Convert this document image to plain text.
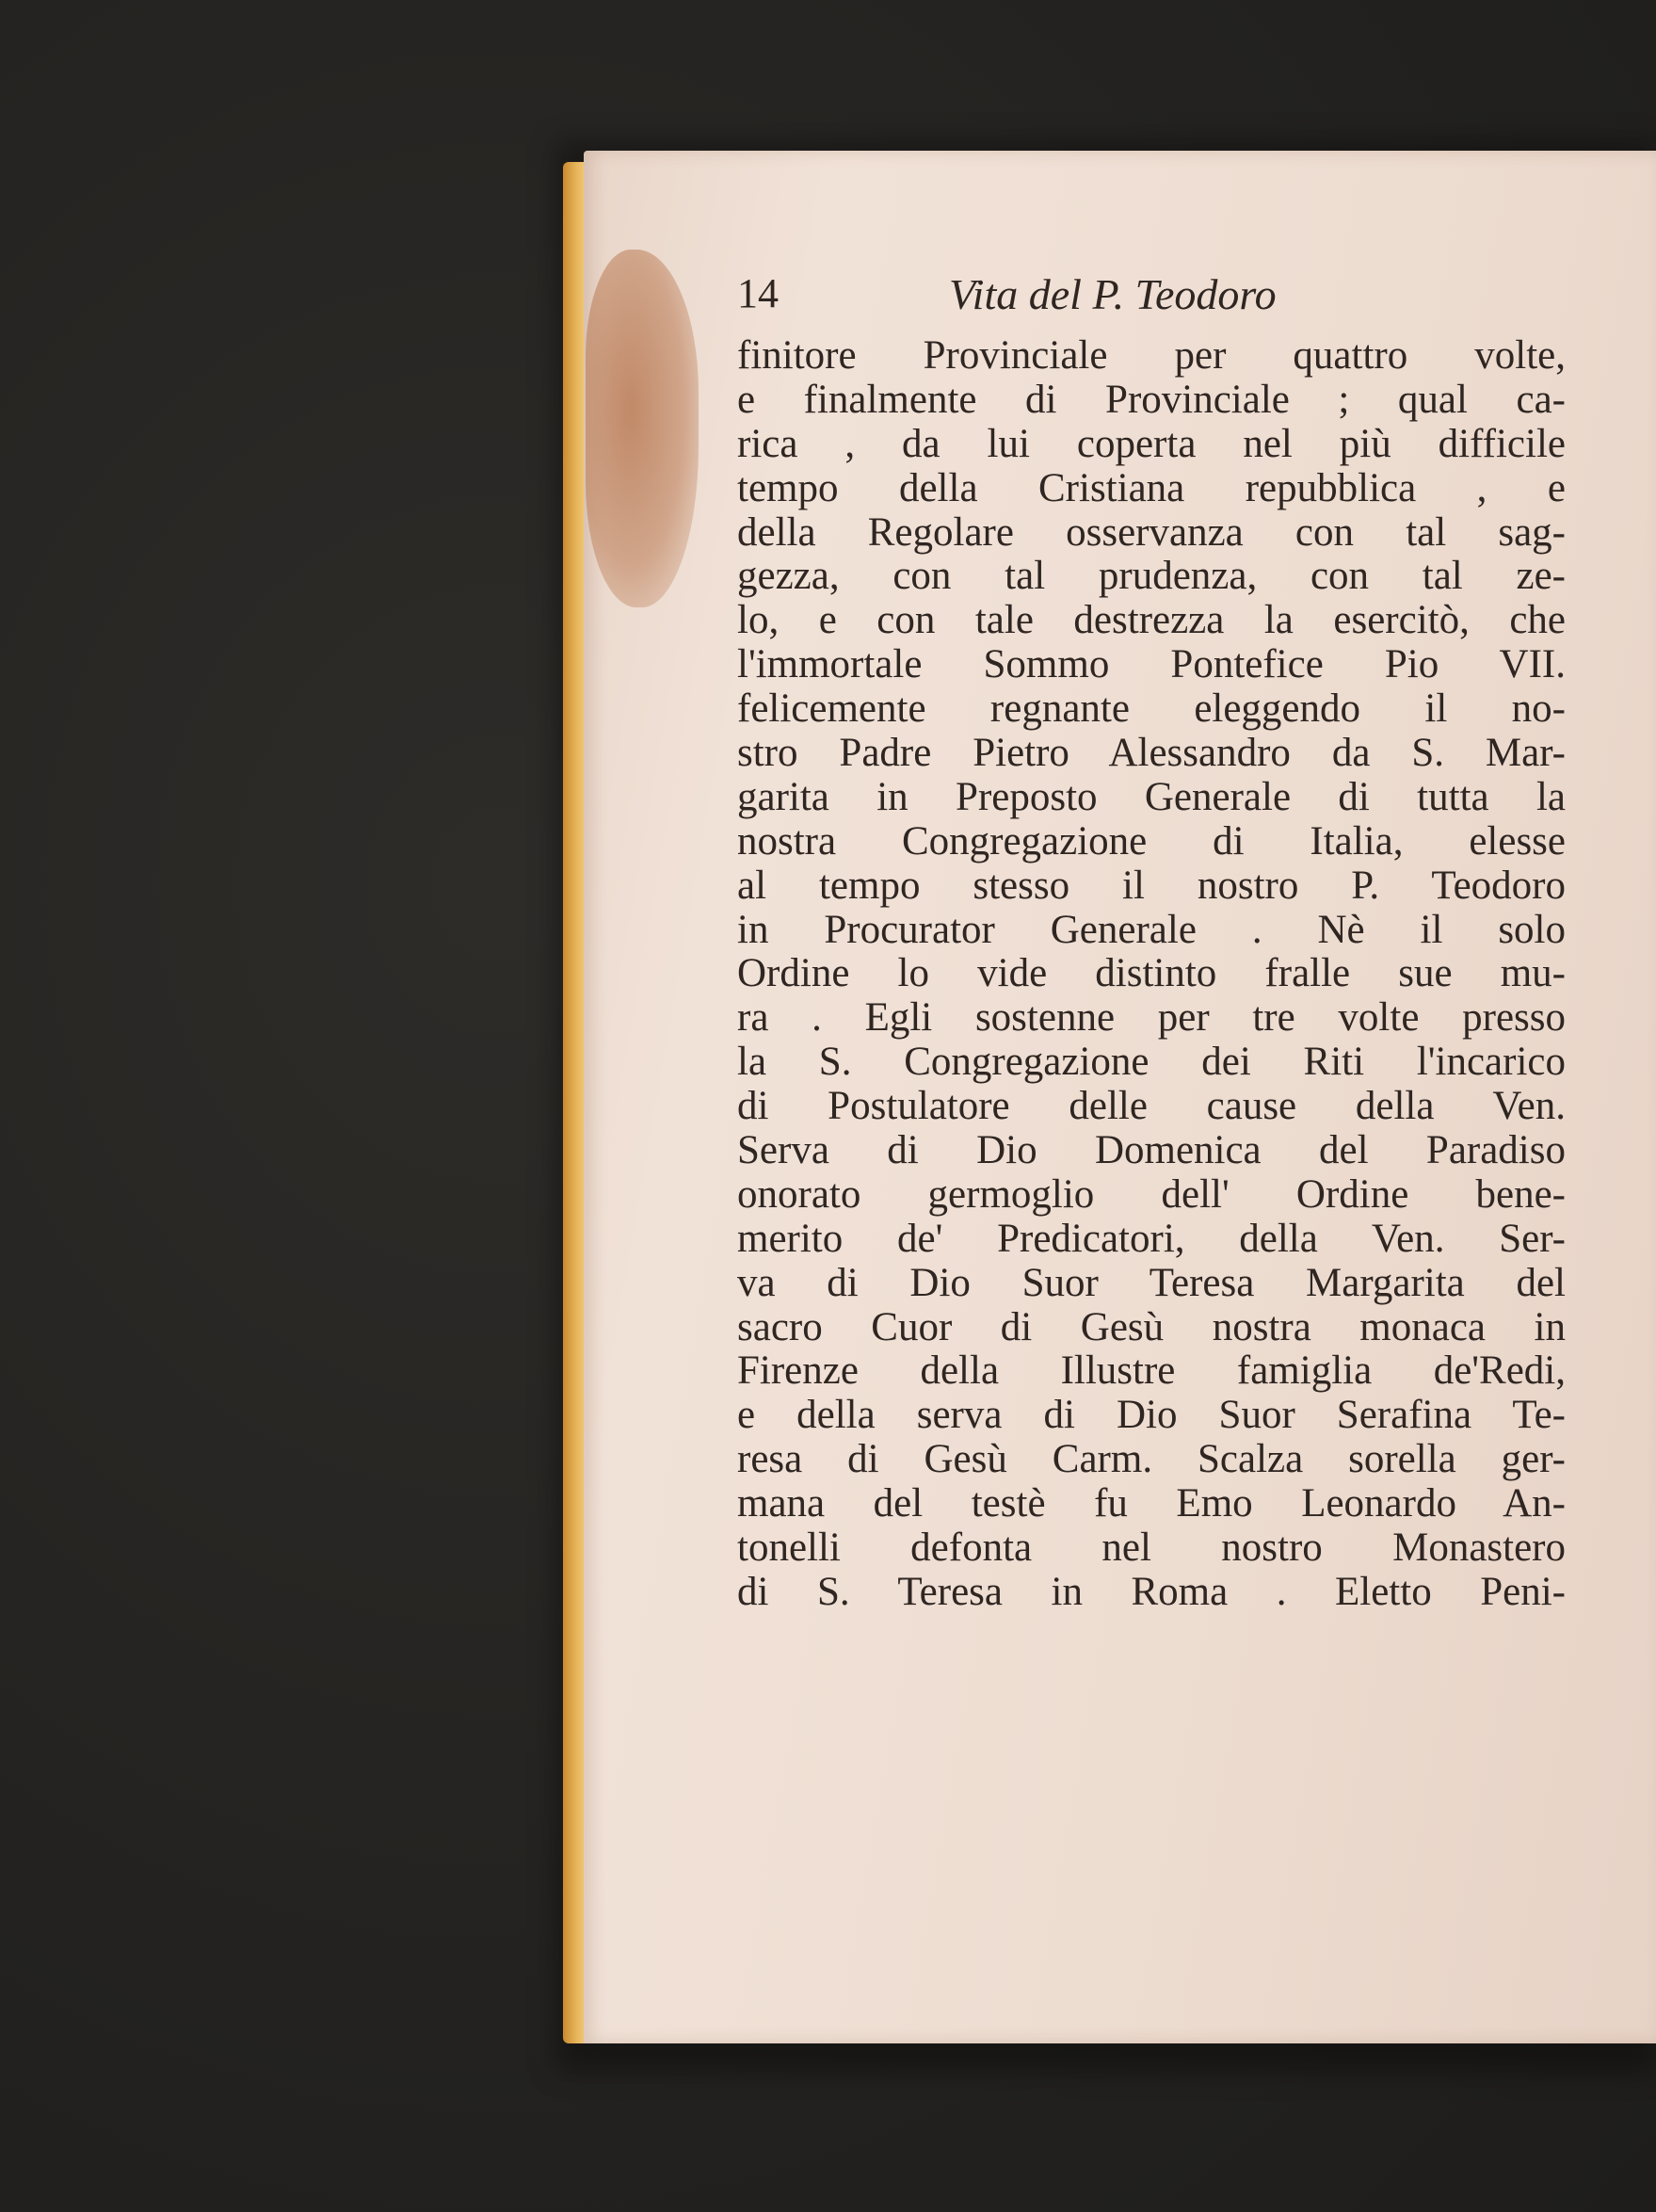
14	Vita del P. Teodoro
finitore Provinciale per quattro volte,
e finalmente di Provinciale ; qual ca-
rica , da lui coperta nel più difficile
tempo della Cristiana repubblica , e
della Regolare osservanza con tal sag-
gezza, con tal prudenza, con tal ze-
lo, e con tale destrezza la esercitò, che
l'immortale Sommo Pontefice Pio VII.
felicemente regnante eleggendo il no-
stro Padre Pietro Alessandro da S. Mar-
garita in Preposto Generale di tutta la
nostra Congregazione di Italia, elesse
al tempo stesso il nostro P. Teodoro
in Procurator Generale . Nè il solo
Ordine lo vide distinto fralle sue mu-
ra . Egli sostenne per tre volte presso
la S. Congregazione dei Riti l'incarico
di Postulatore delle cause della Ven.
Serva di Dio Domenica del Paradiso
onorato germoglio dell' Ordine bene-
merito de' Predicatori, della Ven. Ser-
va di Dio Suor Teresa Margarita del
sacro Cuor di Gesù nostra monaca in
Firenze della Illustre famiglia de'Redi,
e della serva di Dio Suor Serafina Te-
resa di Gesù Carm. Scalza sorella ger-
mana del testè fu Emo Leonardo An-
tonelli defonta nel nostro Monastero
di S. Teresa in Roma . Eletto Peni-
